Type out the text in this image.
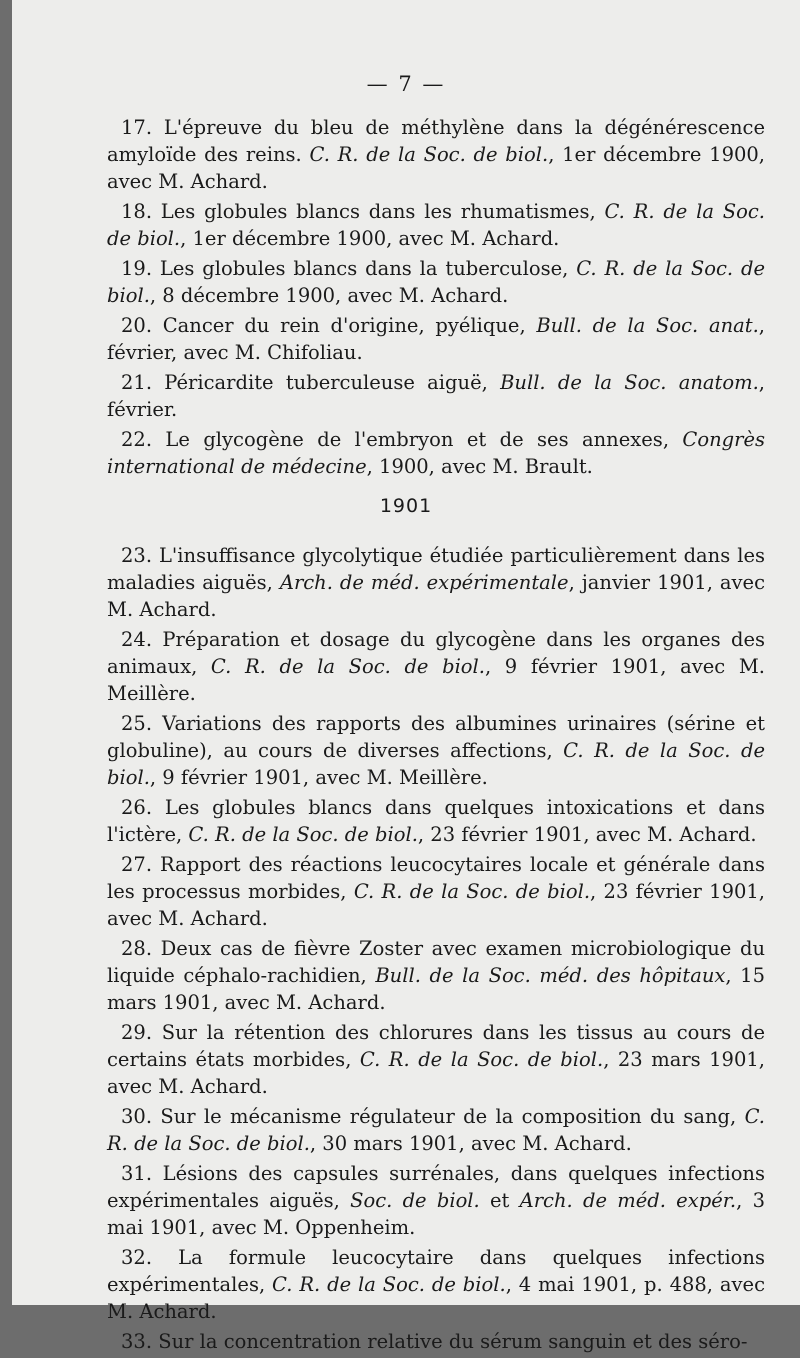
— 7 —

17. L'épreuve du bleu de méthylène dans la dégénérescence amyloïde des reins. C. R. de la Soc. de biol., 1er décembre 1900, avec M. Achard.

18. Les globules blancs dans les rhumatismes, C. R. de la Soc. de biol., 1er décembre 1900, avec M. Achard.

19. Les globules blancs dans la tuberculose, C. R. de la Soc. de biol., 8 décembre 1900, avec M. Achard.

20. Cancer du rein d'origine, pyélique, Bull. de la Soc. anat., février, avec M. Chifoliau.

21. Péricardite tuberculeuse aiguë, Bull. de la Soc. anatom., février.

22. Le glycogène de l'embryon et de ses annexes, Congrès international de médecine, 1900, avec M. Brault.

1901

23. L'insuffisance glycolytique étudiée particulièrement dans les maladies aiguës, Arch. de méd. expérimentale, janvier 1901, avec M. Achard.

24. Préparation et dosage du glycogène dans les organes des animaux, C. R. de la Soc. de biol., 9 février 1901, avec M. Meillère.

25. Variations des rapports des albumines urinaires (sérine et globuline), au cours de diverses affections, C. R. de la Soc. de biol., 9 février 1901, avec M. Meillère.

26. Les globules blancs dans quelques intoxications et dans l'ictère, C. R. de la Soc. de biol., 23 février 1901, avec M. Achard.

27. Rapport des réactions leucocytaires locale et générale dans les processus morbides, C. R. de la Soc. de biol., 23 février 1901, avec M. Achard.

28. Deux cas de fièvre Zoster avec examen microbiologique du liquide céphalo-rachidien, Bull. de la Soc. méd. des hôpitaux, 15 mars 1901, avec M. Achard.

29. Sur la rétention des chlorures dans les tissus au cours de certains états morbides, C. R. de la Soc. de biol., 23 mars 1901, avec M. Achard.

30. Sur le mécanisme régulateur de la composition du sang, C. R. de la Soc. de biol., 30 mars 1901, avec M. Achard.

31. Lésions des capsules surrénales, dans quelques infections expérimentales aiguës, Soc. de biol. et Arch. de méd. expér., 3 mai 1901, avec M. Oppenheim.

32. La formule leucocytaire dans quelques infections expérimentales, C. R. de la Soc. de biol., 4 mai 1901, p. 488, avec M. Achard.

33. Sur la concentration relative du sérum sanguin et des séro-
